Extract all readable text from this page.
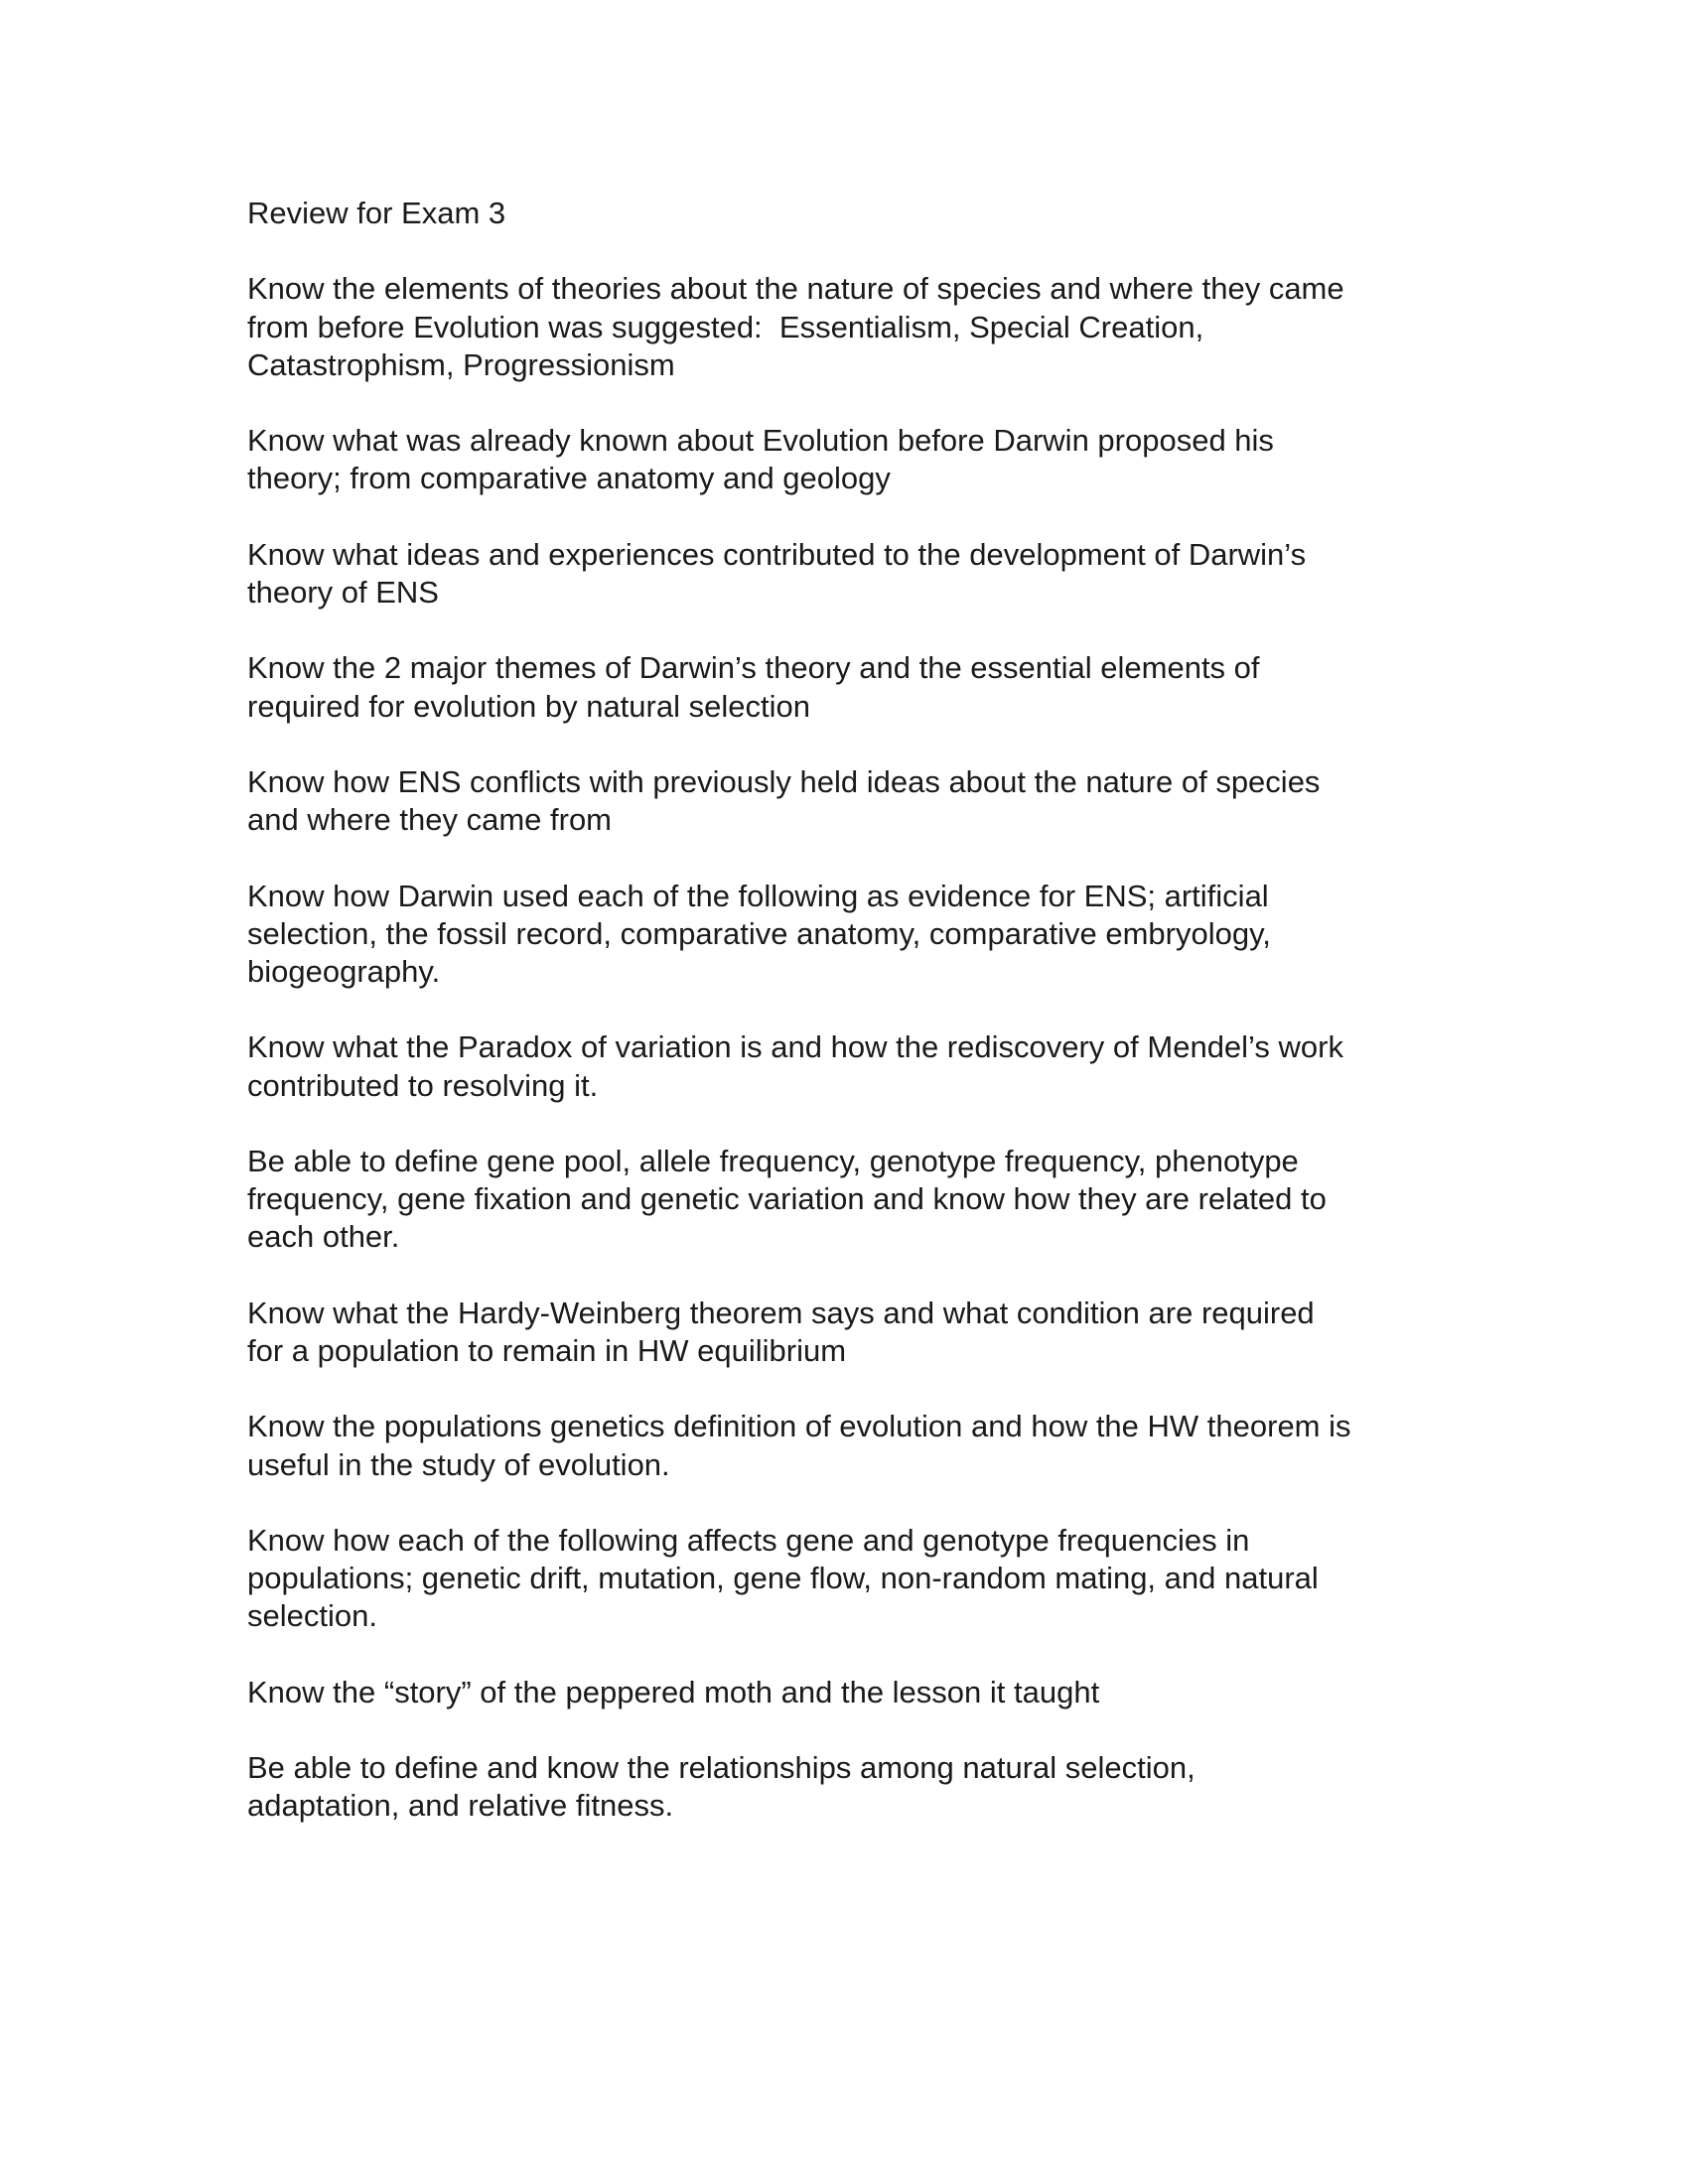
Review for Exam 3
Know the elements of theories about the nature of species and where they came
from before Evolution was suggested:  Essentialism, Special Creation,
Catastrophism, Progressionism
Know what was already known about Evolution before Darwin proposed his
theory; from comparative anatomy and geology
Know what ideas and experiences contributed to the development of Darwin’s
theory of ENS
Know the 2 major themes of Darwin’s theory and the essential elements of
required for evolution by natural selection
Know how ENS conflicts with previously held ideas about the nature of species
and where they came from
Know how Darwin used each of the following as evidence for ENS; artificial
selection, the fossil record, comparative anatomy, comparative embryology,
biogeography.
Know what the Paradox of variation is and how the rediscovery of Mendel’s work
contributed to resolving it.
Be able to define gene pool, allele frequency, genotype frequency, phenotype
frequency, gene fixation and genetic variation and know how they are related to
each other.
Know what the Hardy-Weinberg theorem says and what condition are required
for a population to remain in HW equilibrium
Know the populations genetics definition of evolution and how the HW theorem is
useful in the study of evolution.
Know how each of the following affects gene and genotype frequencies in
populations; genetic drift, mutation, gene flow, non-random mating, and natural
selection.
Know the “story” of the peppered moth and the lesson it taught
Be able to define and know the relationships among natural selection,
adaptation, and relative fitness.
